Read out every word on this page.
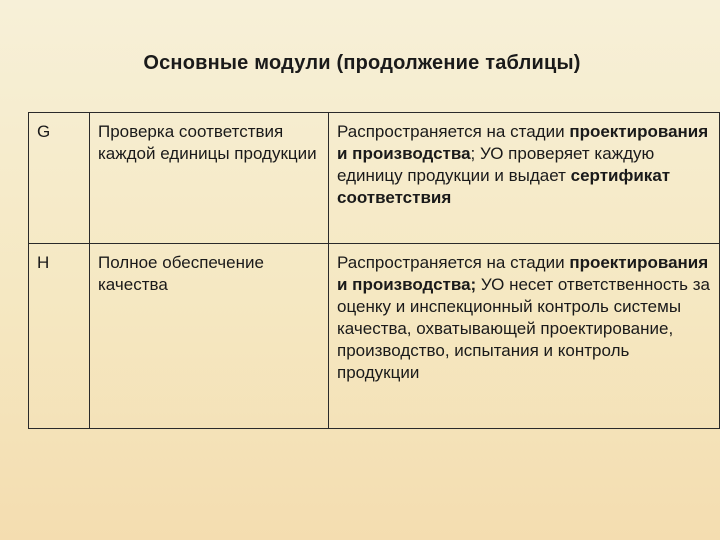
Основные модули (продолжение таблицы)
G	Проверка соответствия каждой единицы продукции	Распространяется на стадии проектирования и производства; УО проверяет каждую единицу продукции и выдает сертификат соответствия
H	Полное обеспечение качества	Распространяется на стадии проектирования и производства; УО несет ответственность за оценку и инспекционный контроль системы качества, охватывающей проектирование, производство, испытания и контроль продукции
